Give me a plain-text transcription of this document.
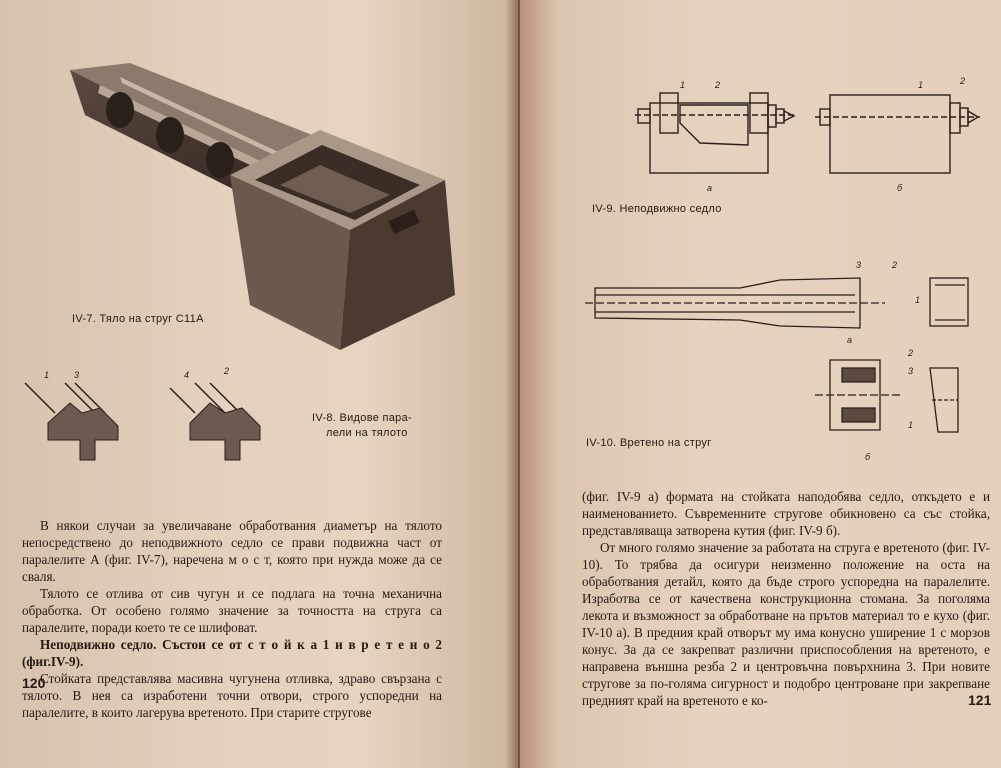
IV-7. Тяло на струг С11А
1	3	4	2
IV-8. Видове пара-
лели на тялото

В някои случаи за увеличаване обработвания диаметър на тялото непосредствено до неподвижното седло се прави подвижна част от паралелите А (фиг. IV-7), наречена м о с т, която при нужда може да се сваля.

Тялото се отлива от сив чугун и се подлага на точна механична обработка. От особено голямо значение за точността на струга са паралелите, поради което те се шлифоват.

Неподвижно седло. Състои се от с т о й к а 1 и в р е т е н о 2 (фиг.IV-9).

Стойката представлява масивна чугунена отливка, здраво свързана с тялото. В нея са изработени точни отвори, строго успоредни на паралелите, в които лагерува вретеното. При старите стругове

120
1	2	1	2
а	б
IV-9. Неподвижно седло
3	2
1
2
3
1
а
б
IV-10. Вретено на струг

(фиг. IV-9 а) формата на стойката наподобява седло, откъдето е и наименованието. Съвременните стругове обикновено са със стойка, представляваща затворена кутия (фиг. IV-9 б).

От много голямо значение за работата на струга е вретеното (фиг. IV-10). То трябва да осигури неизменно положение на оста на обработвания детайл, която да бъде строго успоредна на паралелите. Изработва се от качествена конструкционна стомана. За поголяма лекота и възможност за обработване на прътов материал то е кухо (фиг. IV-10 а). В предния край отворът му има конусно уширение 1 с морзов конус. За да се закрепват различни приспособления на вретеното, е направена външна резба 2 и центровъчна повърхнина 3. При новите стругове за по-голяма сигурност и подобро центроване при закрепване предният край на вретеното е ко-	121
